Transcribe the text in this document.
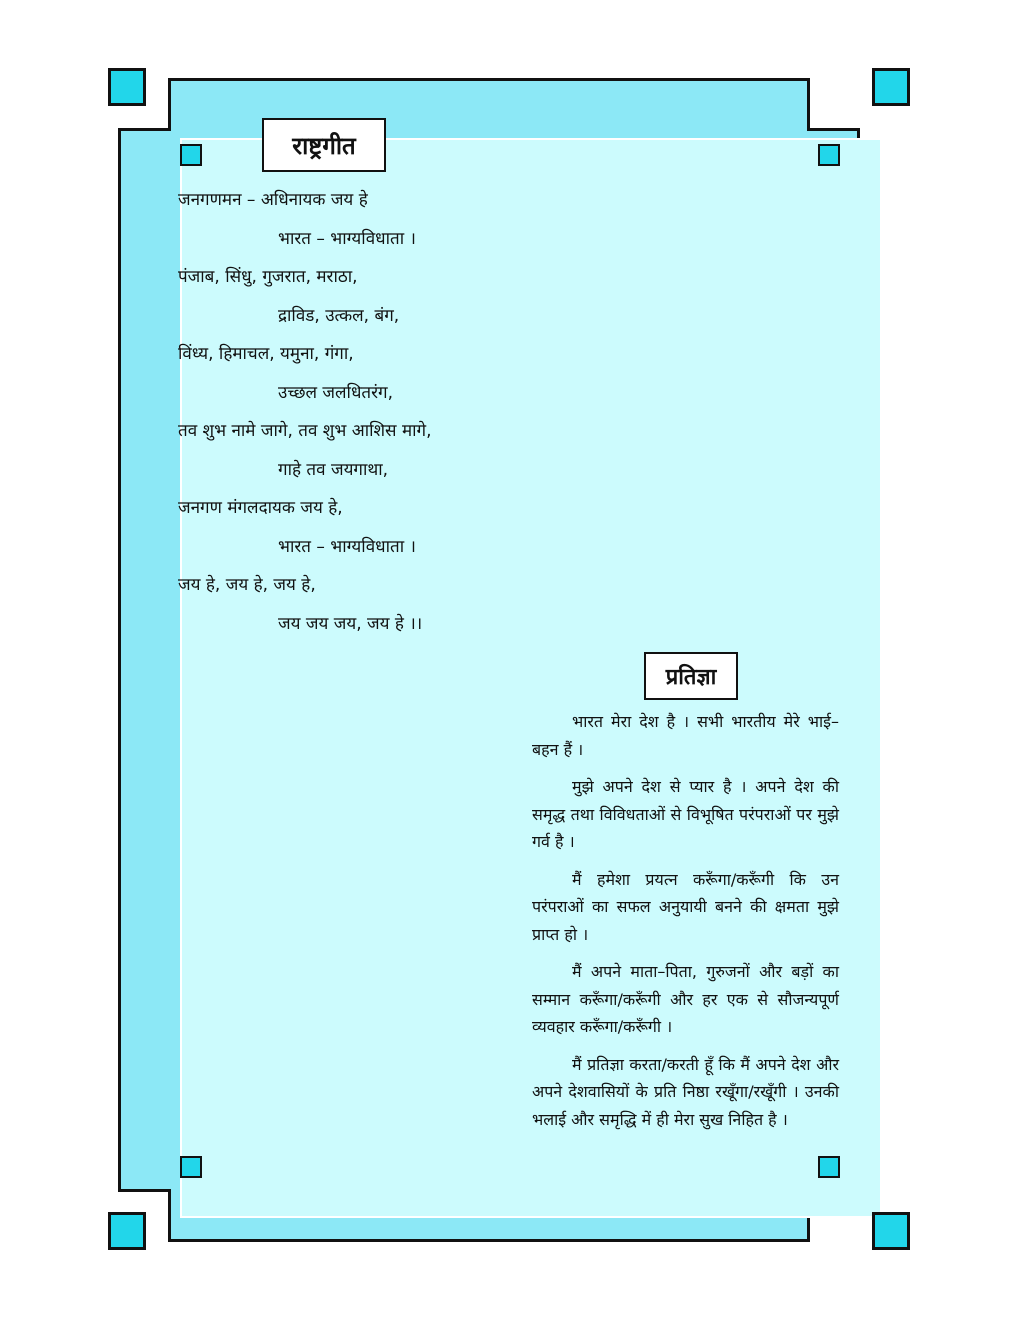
राष्ट्रगीत
जनगणमन – अधिनायक जय हे
भारत – भाग्यविधाता ।
पंजाब, सिंधु, गुजरात, मराठा,
द्राविड, उत्कल, बंग,
विंध्य, हिमाचल, यमुना, गंगा,
उच्छल जलधितरंग,
तव शुभ नामे जागे, तव शुभ आशिस मागे,
गाहे तव जयगाथा,
जनगण मंगलदायक जय हे,
भारत – भाग्यविधाता ।
जय हे, जय हे, जय हे,
जय जय जय, जय हे ।।
प्रतिज्ञा

भारत मेरा देश है । सभी भारतीय मेरे भाई–बहन हैं ।

मुझे अपने देश से प्यार है । अपने देश की समृद्ध तथा विविधताओं से विभूषित परंपराओं पर मुझे गर्व है ।

मैं हमेशा प्रयत्न करूँगा/करूँगी कि उन परंपराओं का सफल अनुयायी बनने की क्षमता मुझे प्राप्त हो ।

मैं अपने माता–पिता, गुरुजनों और बड़ों का सम्मान करूँगा/करूँगी और हर एक से सौजन्यपूर्ण व्यवहार करूँगा/करूँगी ।

मैं प्रतिज्ञा करता/करती हूँ कि मैं अपने देश और अपने देशवासियों के प्रति निष्ठा रखूँगा/रखूँगी । उनकी भलाई और समृद्धि में ही मेरा सुख निहित है ।
